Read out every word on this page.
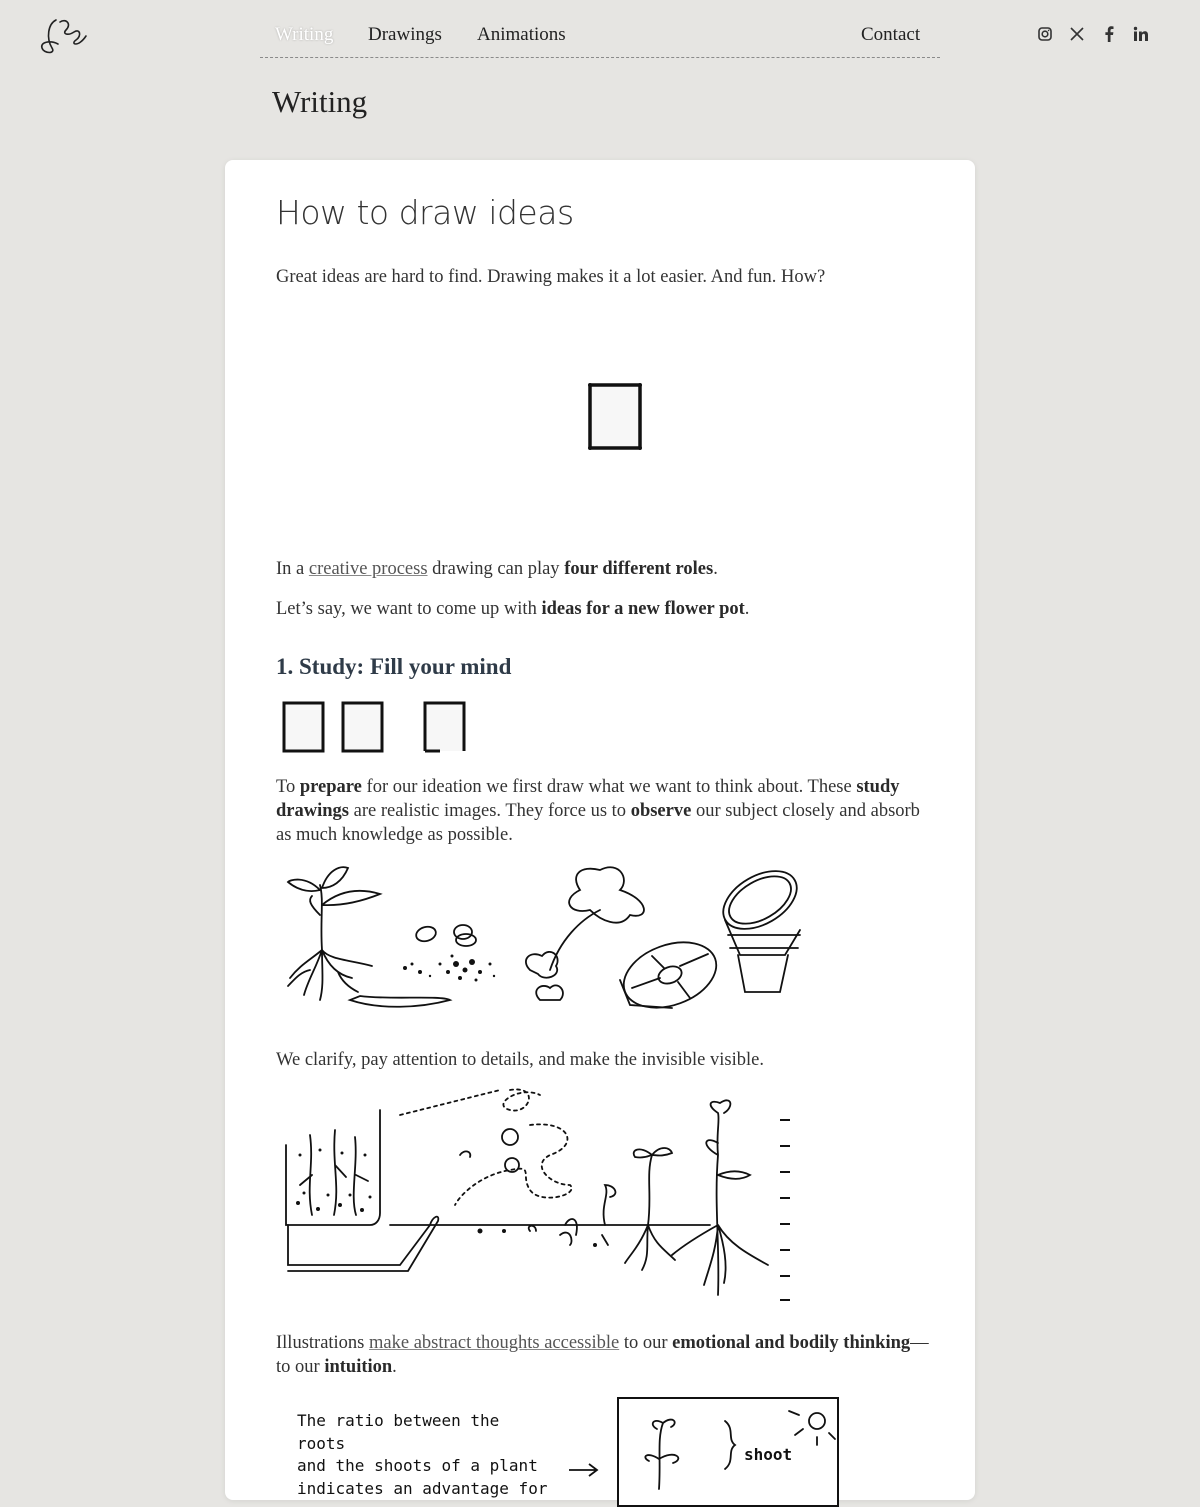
Writing Drawings Animations	Contact
Writing
How to draw ideas

Great ideas are hard to find. Drawing makes it a lot easier. And fun. How?

In a creative process drawing can play four different roles.

Let’s say, we want to come up with ideas for a new flower pot.

1. Study: Fill your mind

To prepare for our ideation we first draw what we want to think about. These study drawings are realistic images. They force us to observe our subject closely and absorb as much knowledge as possible.

We clarify, pay attention to details, and make the invisible visible.

Illustrations make abstract thoughts accessible to our emotional and bodily thinking—to our intuition.

The ratio between the roots
and the shoots of a plant
indicates an advantage for
shoot
